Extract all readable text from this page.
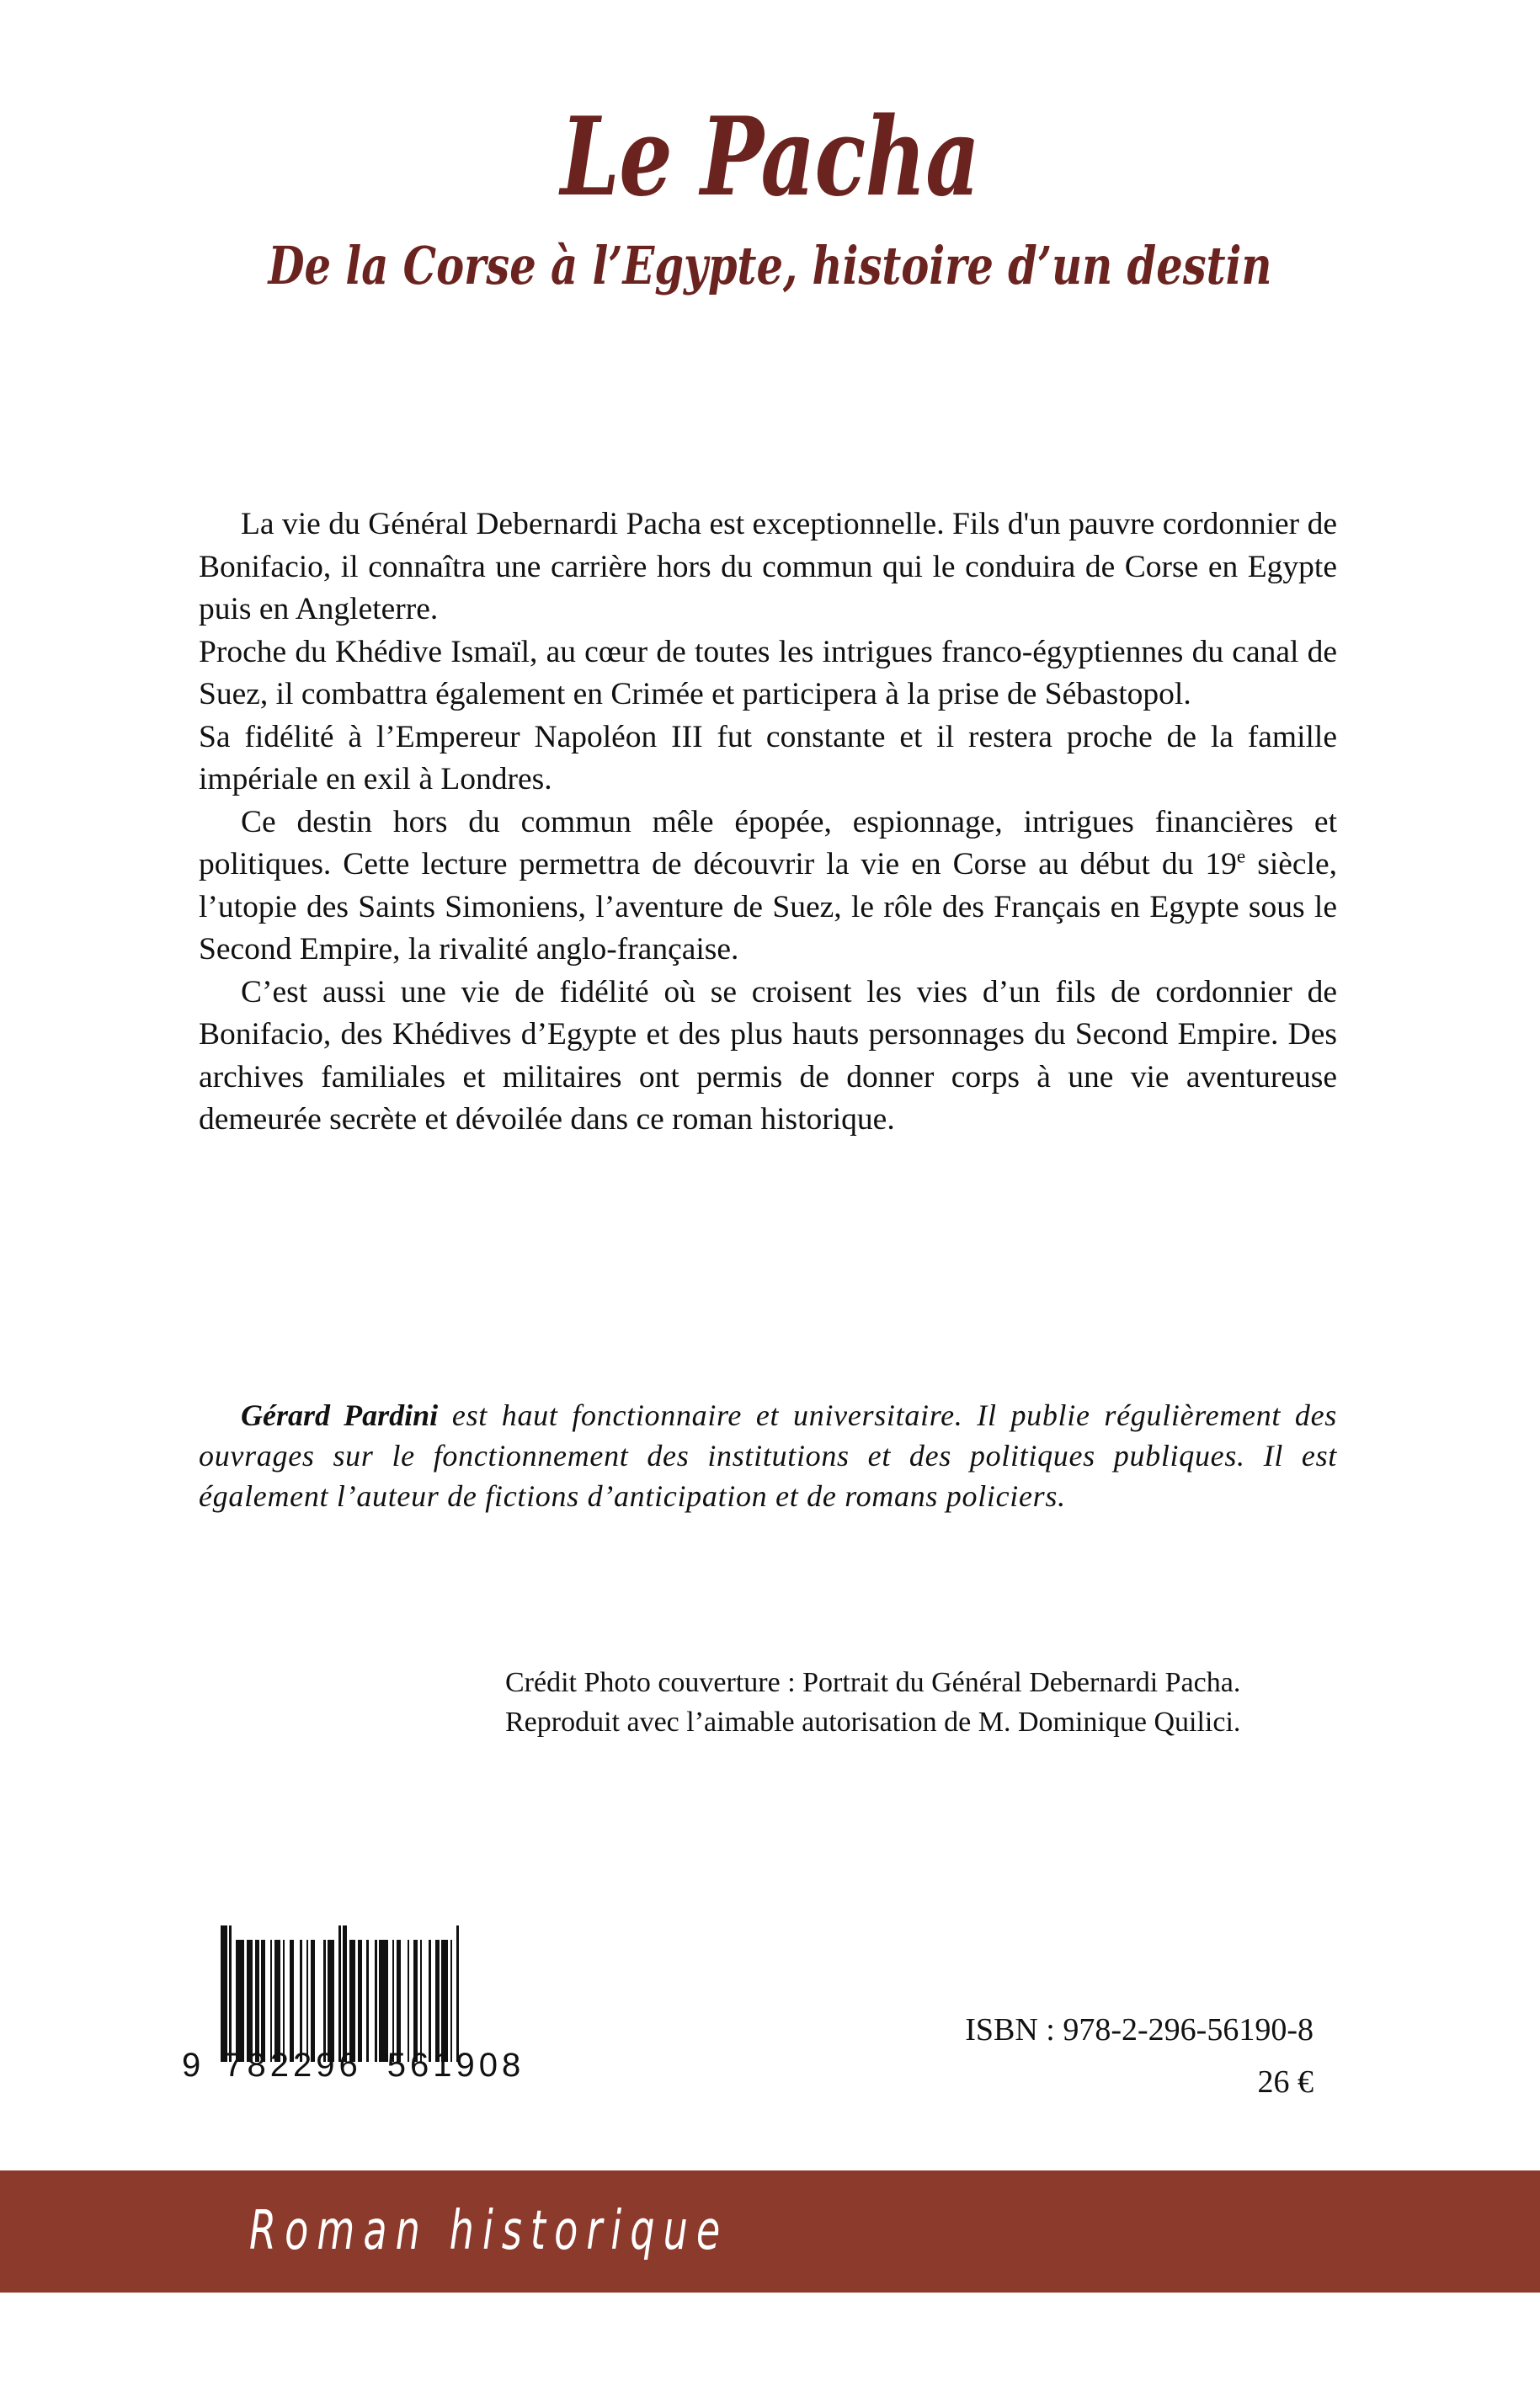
Le Pacha
De la Corse à l’Egypte, histoire d’un destin

La vie du Général Debernardi Pacha est exceptionnelle. Fils d'un pauvre cordonnier de Bonifacio, il connaîtra une carrière hors du commun qui le conduira de Corse en Egypte puis en Angleterre.

Proche du Khédive Ismaïl, au cœur de toutes les intrigues franco-égyptiennes du canal de Suez, il combattra également en Crimée et participera à la prise de Sébastopol.

Sa fidélité à l’Empereur Napoléon III fut constante et il restera proche de la famille impériale en exil à Londres.

Ce destin hors du commun mêle épopée, espionnage, intrigues financières et politiques. Cette lecture permettra de découvrir la vie en Corse au début du 19e siècle, l’utopie des Saints Simoniens, l’aventure de Suez, le rôle des Français en Egypte sous le Second Empire, la rivalité anglo-française.

C’est aussi une vie de fidélité où se croisent les vies d’un fils de cordonnier de Bonifacio, des Khédives d’Egypte et des plus hauts personnages du Second Empire. Des archives familiales et militaires ont permis de donner corps à une vie aventureuse demeurée secrète et dévoilée dans ce roman historique.

Gérard Pardini est haut fonctionnaire et universitaire. Il publie régulièrement des ouvrages sur le fonctionnement des institutions et des politiques publiques. Il est également l’auteur de fictions d’anticipation et de romans policiers.

Crédit Photo couverture : Portrait du Général Debernardi Pacha.
Reproduit avec l’aimable autorisation de M. Dominique Quilici.
9 782296 561908
ISBN : 978-2-296-56190-8
26 €
Roman historique
